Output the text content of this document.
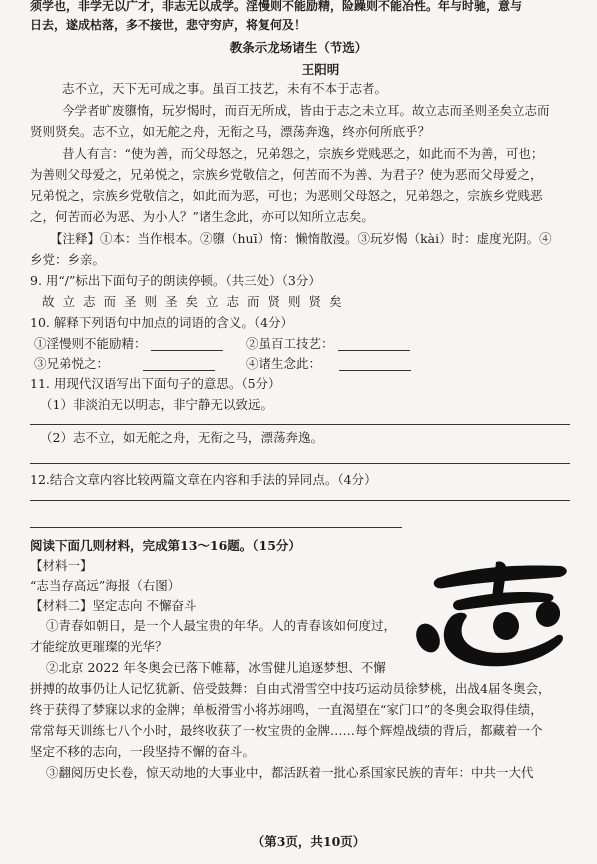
须学也，非学无以广才，非志无以成学。淫慢则不能励精，险躁则不能冶性。年与时驰，意与
日去，遂成枯落，多不接世，悲守穷庐，将复何及！
教条示龙场诸生（节选）
王阳明
志不立，天下无可成之事。虽百工技艺，未有不本于志者。
今学者旷废隳惰，玩岁愒时，而百无所成，皆由于志之未立耳。故立志而圣则圣矣立志而
贤则贤矣。志不立，如无舵之舟，无衔之马，漂荡奔逸，终亦何所底乎？
昔人有言：“使为善，而父母怒之，兄弟怨之，宗族乡党贱恶之，如此而不为善，可也；
为善则父母爱之，兄弟悦之，宗族乡党敬信之，何苦而不为善、为君子？使为恶而父母爱之，
兄弟悦之，宗族乡党敬信之，如此而为恶，可也；为恶则父母怒之，兄弟怨之，宗族乡党贱恶
之，何苦而必为恶、为小人？”诸生念此，亦可以知所立志矣。
【注释】①本：当作根本。②隳（huī）惰：懒惰散漫。③玩岁愒（kài）时：虚度光阴。④
乡党：乡亲。
9. 用“/”标出下面句子的朗读停顿。（共三处）（3分）
故立志而圣则圣矣立志而贤则贤矣
10. 解释下列语句中加点的词语的含义。（4分）
①淫慢则不能励精：	②虽百工技艺：
③兄弟悦之：	④诸生念此：
11. 用现代汉语写出下面句子的意思。（5分）
（1）非淡泊无以明志，非宁静无以致远。
（2）志不立，如无舵之舟，无衔之马，漂荡奔逸。
12.结合文章内容比较两篇文章在内容和手法的异同点。（4分）
阅读下面几则材料，完成第13～16题。（15分）
【材料一】
“志当存高远”海报（右图）
【材料二】坚定志向 不懈奋斗
①青春如朝日，是一个人最宝贵的年华。人的青春该如何度过，
才能绽放更璀璨的光华？
②北京 2022 年冬奥会已落下帷幕，冰雪健儿追逐梦想、不懈
拼搏的故事仍让人记忆犹新、倍受鼓舞：自由式滑雪空中技巧运动员徐梦桃，出战4届冬奥会，
终于获得了梦寐以求的金牌；单板滑雪小将苏翊鸣，一直渴望在“家门口”的冬奥会取得佳绩，
常常每天训练七八个小时，最终收获了一枚宝贵的金牌……每个辉煌战绩的背后，都藏着一个
坚定不移的志向，一段坚持不懈的奋斗。
③翻阅历史长卷，惊天动地的大事业中，都活跃着一批心系国家民族的青年：中共一大代
（第3页，共10页）
